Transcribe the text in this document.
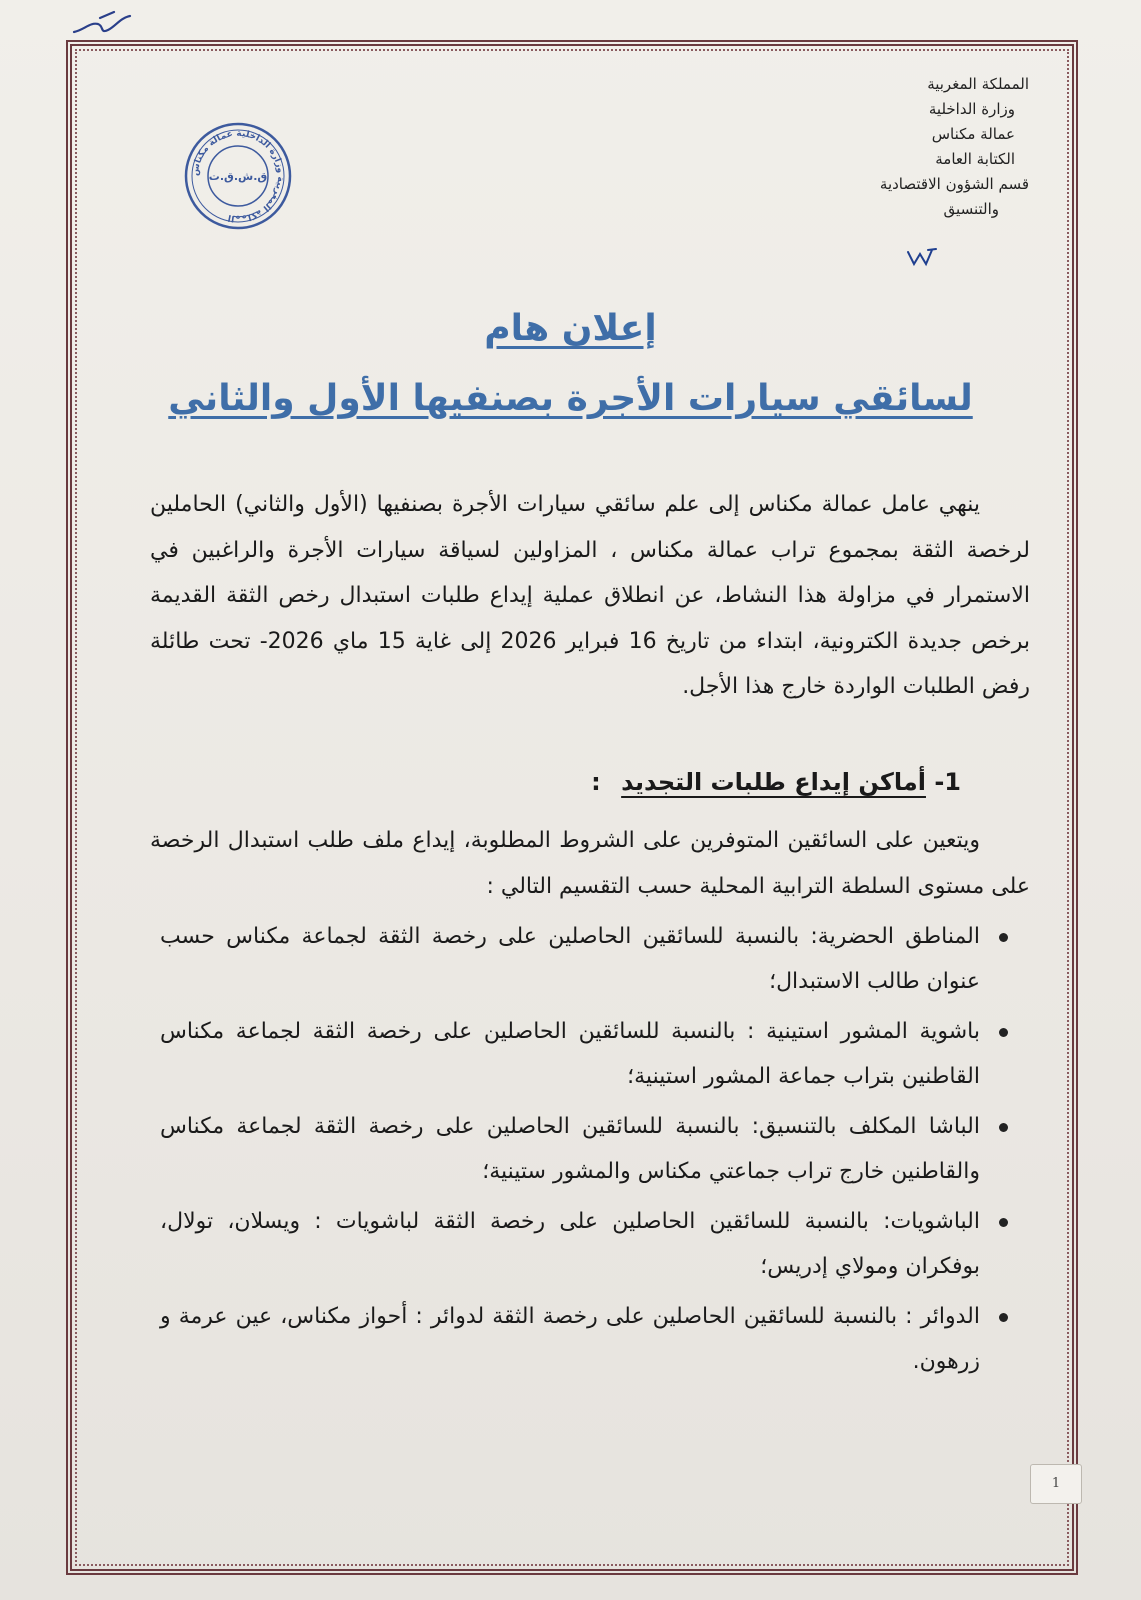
المملكة المغربية
وزارة الداخلية
عمالة مكناس
الكتابة العامة
قسم الشؤون الاقتصادية
والتنسيق
المملكة المغربية وزارة الداخلية عمالة مكناس
ق.ش.ق.ت
إعلان هام
لسائقي سيارات الأجرة بصنفيها الأول والثاني

ينهي عامل عمالة مكناس إلى علم سائقي سيارات الأجرة بصنفيها (الأول والثاني) الحاملين لرخصة الثقة بمجموع تراب عمالة مكناس ، المزاولين لسياقة سيارات الأجرة والراغبين في الاستمرار في مزاولة هذا النشاط، عن انطلاق عملية إيداع طلبات استبدال رخص الثقة القديمة برخص جديدة الكترونية، ابتداء من تاريخ 16 فبراير 2026 إلى غاية 15 ماي 2026- تحت طائلة رفض الطلبات الواردة خارج هذا الأجل.

1- أماكن إيداع طلبات التجديد :

ويتعين على السائقين المتوفرين على الشروط المطلوبة، إيداع ملف طلب استبدال الرخصة على مستوى السلطة الترابية المحلية حسب التقسيم التالي :

المناطق الحضرية: بالنسبة للسائقين الحاصلين على رخصة الثقة لجماعة مكناس حسب عنوان طالب الاستبدال؛
باشوية المشور استينية : بالنسبة للسائقين الحاصلين على رخصة الثقة لجماعة مكناس القاطنين بتراب جماعة المشور استينية؛
الباشا المكلف بالتنسيق: بالنسبة للسائقين الحاصلين على رخصة الثقة لجماعة مكناس والقاطنين خارج تراب جماعتي مكناس والمشور ستينية؛
الباشويات: بالنسبة للسائقين الحاصلين على رخصة الثقة لباشويات : ويسلان، تولال، بوفكران ومولاي إدريس؛
الدوائر : بالنسبة للسائقين الحاصلين على رخصة الثقة لدوائر : أحواز مكناس، عين عرمة و زرهون.
1
